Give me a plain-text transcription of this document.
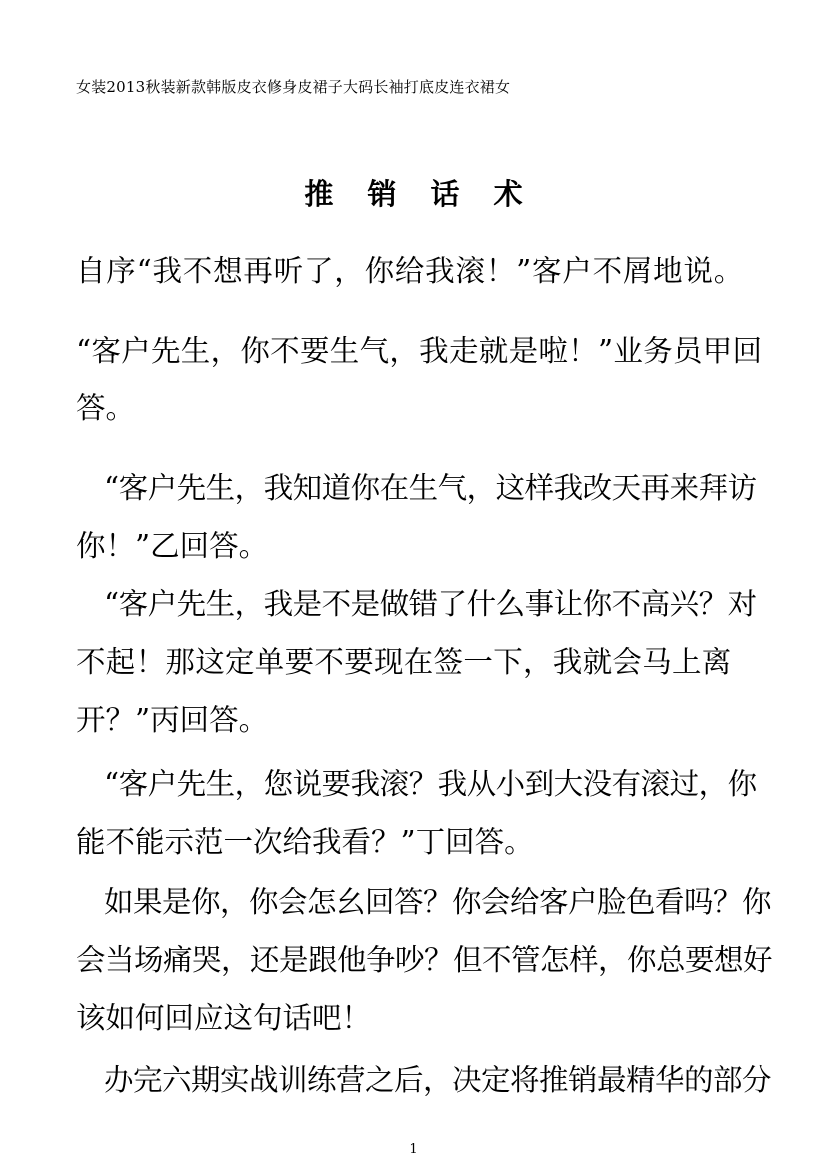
女装2013秋装新款韩版皮衣修身皮裙子大码长袖打底皮连衣裙女
推 销 话 术
自序“我不想再听了，你给我滚！”客户不屑地说。
“客户先生，你不要生气，我走就是啦！”业务员甲回
答。
“客户先生，我知道你在生气，这样我改天再来拜访
你！”乙回答。
“客户先生，我是不是做错了什么事让你不高兴？对
不起！那这定单要不要现在签一下，我就会马上离
开？”丙回答。
“客户先生，您说要我滚？我从小到大没有滚过，你
能不能示范一次给我看？”丁回答。
如果是你，你会怎幺回答？你会给客户脸色看吗？你
会当场痛哭，还是跟他争吵？但不管怎样，你总要想好
该如何回应这句话吧！
办完六期实战训练营之后，决定将推销最精华的部分
1
